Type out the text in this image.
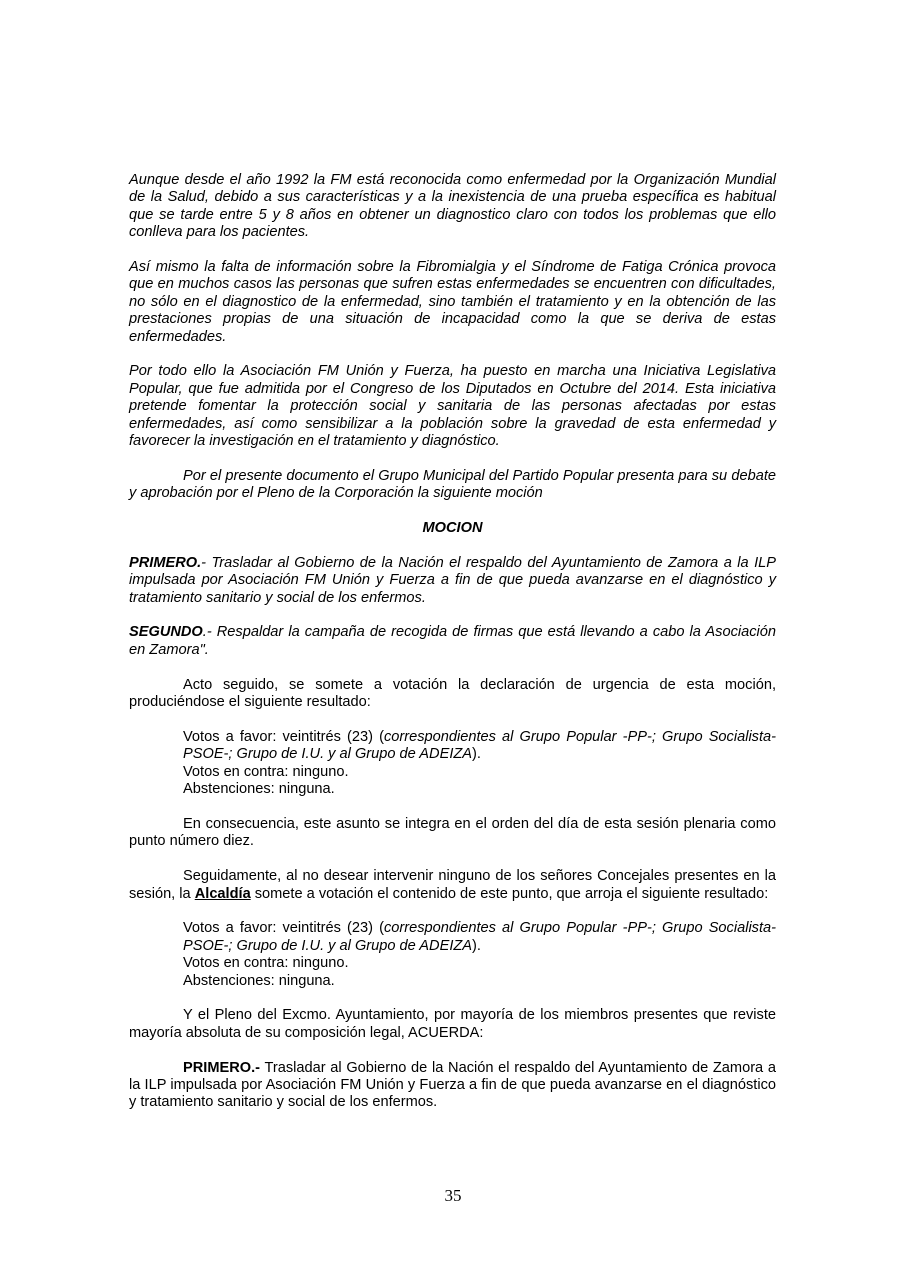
Aunque desde el año 1992 la FM está reconocida como enfermedad por la Organización Mundial de la Salud, debido a sus características y a la inexistencia de una prueba específica es habitual que se tarde entre 5 y 8 años en obtener un diagnostico claro con todos los problemas que ello conlleva para los pacientes.

Así mismo la falta de información sobre la Fibromialgia y el Síndrome de Fatiga Crónica provoca que en muchos casos las personas que sufren estas enfermedades se encuentren con dificultades, no sólo en el diagnostico de la enfermedad, sino también el tratamiento y en la obtención de las prestaciones propias de una situación de incapacidad como la que se deriva de estas enfermedades.

Por todo ello la Asociación FM Unión y Fuerza, ha puesto en marcha una Iniciativa Legislativa Popular, que fue admitida por el Congreso de los Diputados en Octubre del 2014. Esta iniciativa pretende fomentar la protección social y sanitaria de las personas afectadas por estas enfermedades, así como sensibilizar a la población sobre la gravedad de esta enfermedad y favorecer la investigación en el tratamiento y diagnóstico.

Por el presente documento el Grupo Municipal del Partido Popular presenta para su debate y aprobación por el Pleno de la Corporación la siguiente moción

MOCION

PRIMERO.- Trasladar al Gobierno de la Nación el respaldo del Ayuntamiento de Zamora a la ILP impulsada por Asociación FM Unión y Fuerza a fin de que pueda avanzarse en el diagnóstico y tratamiento sanitario y social de los enfermos.

SEGUNDO.- Respaldar la campaña de recogida de firmas que está llevando a cabo la Asociación en Zamora".

Acto seguido, se somete a votación la declaración de urgencia de esta moción, produciéndose el siguiente resultado:

Votos a favor: veintitrés (23) (correspondientes al Grupo Popular -PP-; Grupo Socialista- PSOE-; Grupo de I.U. y al Grupo de ADEIZA).

Votos en contra: ninguno.

Abstenciones: ninguna.

En consecuencia, este asunto se integra en el orden del día de esta sesión plenaria como punto número diez.

Seguidamente, al no desear intervenir ninguno de los señores Concejales presentes en la sesión, la Alcaldía somete a votación el contenido de este punto, que arroja el siguiente resultado:

Votos a favor: veintitrés (23) (correspondientes al Grupo Popular -PP-; Grupo Socialista- PSOE-; Grupo de I.U. y al Grupo de ADEIZA).

Votos en contra: ninguno.

Abstenciones: ninguna.

Y el Pleno del Excmo. Ayuntamiento, por mayoría de los miembros presentes que reviste mayoría absoluta de su composición legal, ACUERDA:

PRIMERO.- Trasladar al Gobierno de la Nación el respaldo del Ayuntamiento de Zamora a la ILP impulsada por Asociación FM Unión y Fuerza a fin de que pueda avanzarse en el diagnóstico y tratamiento sanitario y social de los enfermos.

35
